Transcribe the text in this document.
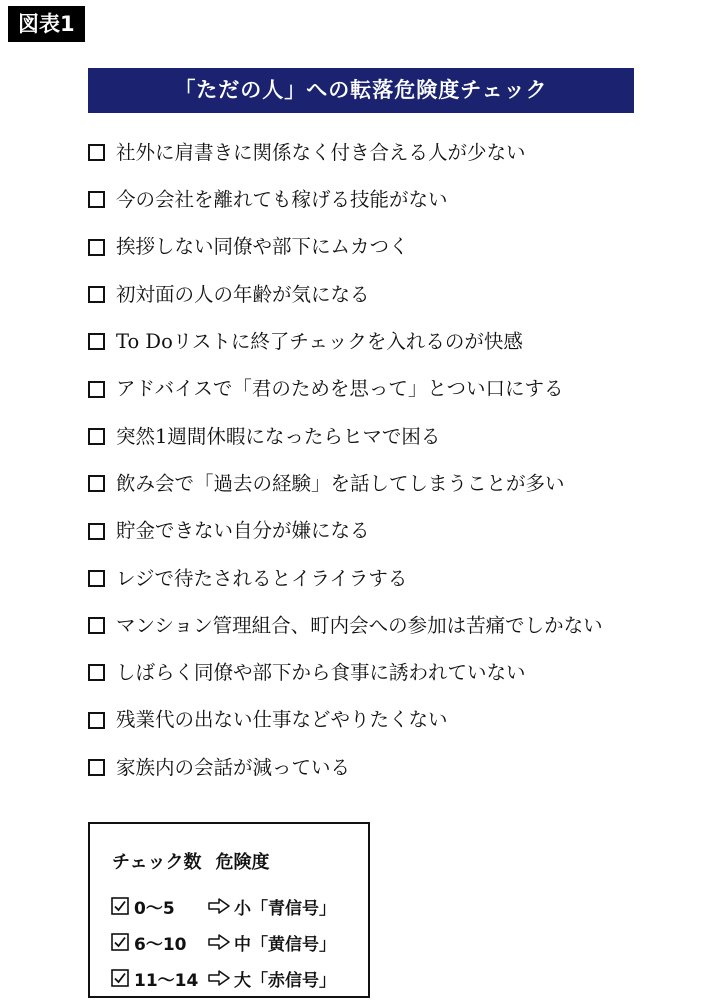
図表1
「ただの人」への転落危険度チェック
社外に肩書きに関係なく付き合える人が少ない
今の会社を離れても稼げる技能がない
挨拶しない同僚や部下にムカつく
初対面の人の年齢が気になる
To Doリストに終了チェックを入れるのが快感
アドバイスで「君のためを思って」とつい口にする
突然1週間休暇になったらヒマで困る
飲み会で「過去の経験」を話してしまうことが多い
貯金できない自分が嫌になる
レジで待たされるとイライラする
マンション管理組合、町内会への参加は苦痛でしかない
しばらく同僚や部下から食事に誘われていない
残業代の出ない仕事などやりたくない
家族内の会話が減っている
チェック数 危険度
0～5	小「青信号」
6～10	中「黄信号」
11～14	大「赤信号」
